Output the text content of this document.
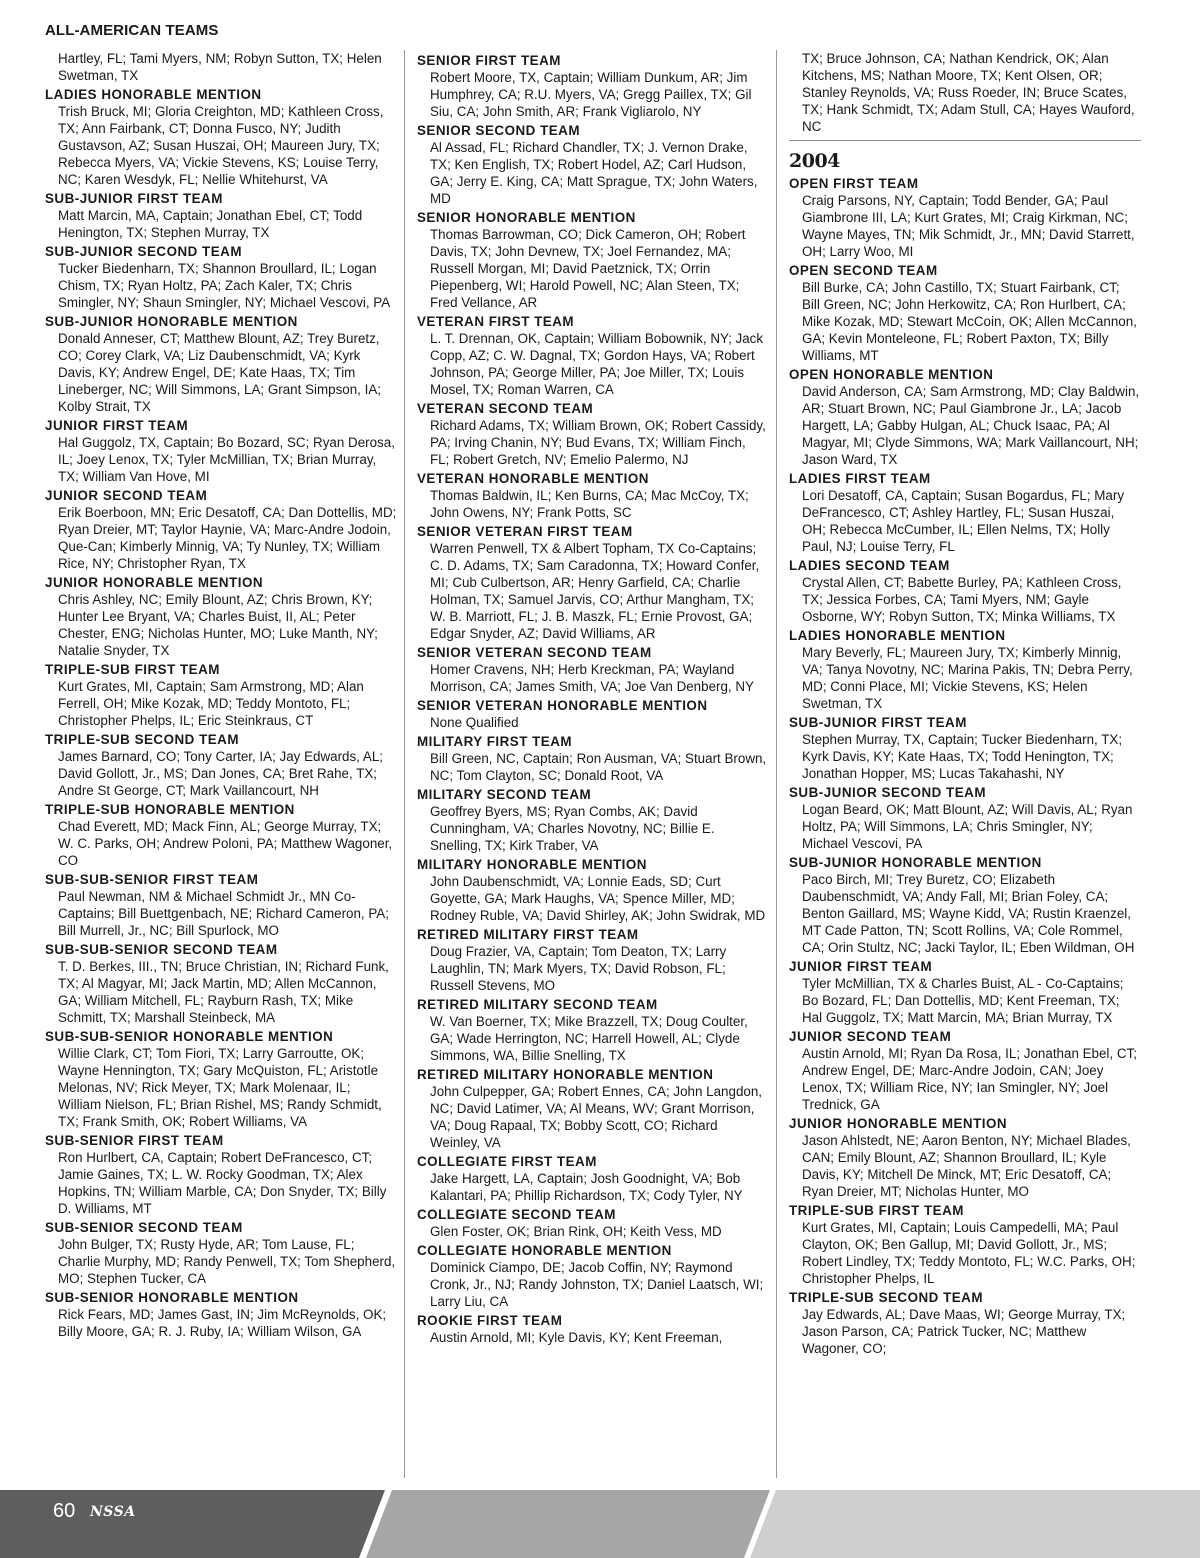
ALL-AMERICAN TEAMS
Hartley, FL; Tami Myers, NM; Robyn Sutton, TX; Helen Swetman, TX
LADIES HONORABLE MENTION
Trish Bruck, MI; Gloria Creighton, MD; Kathleen Cross, TX; Ann Fairbank, CT; Donna Fusco, NY; Judith Gustavson, AZ; Susan Huszai, OH; Maureen Jury, TX; Rebecca Myers, VA; Vickie Stevens, KS; Louise Terry, NC; Karen Wesdyk, FL; Nellie Whitehurst, VA
SUB-JUNIOR FIRST TEAM
Matt Marcin, MA, Captain; Jonathan Ebel, CT; Todd Henington, TX; Stephen Murray, TX
SUB-JUNIOR SECOND TEAM
Tucker Biedenharn, TX; Shannon Broullard, IL; Logan Chism, TX; Ryan Holtz, PA; Zach Kaler, TX; Chris Smingler, NY; Shaun Smingler, NY; Michael Vescovi, PA
SUB-JUNIOR HONORABLE MENTION
Donald Anneser, CT; Matthew Blount, AZ; Trey Buretz, CO; Corey Clark, VA; Liz Daubenschmidt, VA; Kyrk Davis, KY; Andrew Engel, DE; Kate Haas, TX; Tim Lineberger, NC; Will Simmons, LA; Grant Simpson, IA; Kolby Strait, TX
JUNIOR FIRST TEAM
Hal Guggolz, TX, Captain; Bo Bozard, SC; Ryan Derosa, IL; Joey Lenox, TX; Tyler McMillian, TX; Brian Murray, TX; William Van Hove, MI
JUNIOR SECOND TEAM
Erik Boerboon, MN; Eric Desatoff, CA; Dan Dottellis, MD; Ryan Dreier, MT; Taylor Haynie, VA; Marc-Andre Jodoin, Que-Can; Kimberly Minnig, VA; Ty Nunley, TX; William Rice, NY; Christopher Ryan, TX
JUNIOR HONORABLE MENTION
Chris Ashley, NC; Emily Blount, AZ; Chris Brown, KY; Hunter Lee Bryant, VA; Charles Buist, II, AL; Peter Chester, ENG; Nicholas Hunter, MO; Luke Manth, NY; Natalie Snyder, TX
TRIPLE-SUB FIRST TEAM
Kurt Grates, MI, Captain; Sam Armstrong, MD; Alan Ferrell, OH; Mike Kozak, MD; Teddy Montoto, FL; Christopher Phelps, IL; Eric Steinkraus, CT
TRIPLE-SUB SECOND TEAM
James Barnard, CO; Tony Carter, IA; Jay Edwards, AL; David Gollott, Jr., MS; Dan Jones, CA; Bret Rahe, TX; Andre St George, CT; Mark Vaillancourt, NH
TRIPLE-SUB HONORABLE MENTION
Chad Everett, MD; Mack Finn, AL; George Murray, TX; W. C. Parks, OH; Andrew Poloni, PA; Matthew Wagoner, CO
SUB-SUB-SENIOR FIRST TEAM
Paul Newman, NM & Michael Schmidt Jr., MN Co-Captains; Bill Buettgenbach, NE; Richard Cameron, PA; Bill Murrell, Jr., NC; Bill Spurlock, MO
SUB-SUB-SENIOR SECOND TEAM
T. D. Berkes, III., TN; Bruce Christian, IN; Richard Funk, TX; Al Magyar, MI; Jack Martin, MD; Allen McCannon, GA; William Mitchell, FL; Rayburn Rash, TX; Mike Schmitt, TX; Marshall Steinbeck, MA
SUB-SUB-SENIOR HONORABLE MENTION
Willie Clark, CT; Tom Fiori, TX; Larry Garroutte, OK; Wayne Hennington, TX; Gary McQuiston, FL; Aristotle Melonas, NV; Rick Meyer, TX; Mark Molenaar, IL; William Nielson, FL; Brian Rishel, MS; Randy Schmidt, TX; Frank Smith, OK; Robert Williams, VA
SUB-SENIOR FIRST TEAM
Ron Hurlbert, CA, Captain; Robert DeFrancesco, CT; Jamie Gaines, TX; L. W. Rocky Goodman, TX; Alex Hopkins, TN; William Marble, CA; Don Snyder, TX; Billy D. Williams, MT
SUB-SENIOR SECOND TEAM
John Bulger, TX; Rusty Hyde, AR; Tom Lause, FL; Charlie Murphy, MD; Randy Penwell, TX; Tom Shepherd, MO; Stephen Tucker, CA
SUB-SENIOR HONORABLE MENTION
Rick Fears, MD; James Gast, IN; Jim McReynolds, OK; Billy Moore, GA; R. J. Ruby, IA; William Wilson, GA
SENIOR FIRST TEAM
Robert Moore, TX, Captain; William Dunkum, AR; Jim Humphrey, CA; R.U. Myers, VA; Gregg Paillex, TX; Gil Siu, CA; John Smith, AR; Frank Vigliarolo, NY
SENIOR SECOND TEAM
Al Assad, FL; Richard Chandler, TX; J. Vernon Drake, TX; Ken English, TX; Robert Hodel, AZ; Carl Hudson, GA; Jerry E. King, CA; Matt Sprague, TX; John Waters, MD
SENIOR HONORABLE MENTION
Thomas Barrowman, CO; Dick Cameron, OH; Robert Davis, TX; John Devnew, TX; Joel Fernandez, MA; Russell Morgan, MI; David Paetznick, TX; Orrin Piepenberg, WI; Harold Powell, NC; Alan Steen, TX; Fred Vellance, AR
VETERAN FIRST TEAM
L. T. Drennan, OK, Captain; William Bobownik, NY; Jack Copp, AZ; C. W. Dagnal, TX; Gordon Hays, VA; Robert Johnson, PA; George Miller, PA; Joe Miller, TX; Louis Mosel, TX; Roman Warren, CA
VETERAN SECOND TEAM
Richard Adams, TX; William Brown, OK; Robert Cassidy, PA; Irving Chanin, NY; Bud Evans, TX; William Finch, FL; Robert Gretch, NV; Emelio Palermo, NJ
VETERAN HONORABLE MENTION
Thomas Baldwin, IL; Ken Burns, CA; Mac McCoy, TX; John Owens, NY; Frank Potts, SC
SENIOR VETERAN FIRST TEAM
Warren Penwell, TX & Albert Topham, TX Co-Captains; C. D. Adams, TX; Sam Caradonna, TX; Howard Confer, MI; Cub Culbertson, AR; Henry Garfield, CA; Charlie Holman, TX; Samuel Jarvis, CO; Arthur Mangham, TX; W. B. Marriott, FL; J. B. Maszk, FL; Ernie Provost, GA; Edgar Snyder, AZ; David Williams, AR
SENIOR VETERAN SECOND TEAM
Homer Cravens, NH; Herb Kreckman, PA; Wayland Morrison, CA; James Smith, VA; Joe Van Denberg, NY
SENIOR VETERAN HONORABLE MENTION
None Qualified
MILITARY FIRST TEAM
Bill Green, NC, Captain; Ron Ausman, VA; Stuart Brown, NC; Tom Clayton, SC; Donald Root, VA
MILITARY SECOND TEAM
Geoffrey Byers, MS; Ryan Combs, AK; David Cunningham, VA; Charles Novotny, NC; Billie E. Snelling, TX; Kirk Traber, VA
MILITARY HONORABLE MENTION
John Daubenschmidt, VA; Lonnie Eads, SD; Curt Goyette, GA; Mark Haughs, VA; Spence Miller, MD; Rodney Ruble, VA; David Shirley, AK; John Swidrak, MD
RETIRED MILITARY FIRST TEAM
Doug Frazier, VA, Captain; Tom Deaton, TX; Larry Laughlin, TN; Mark Myers, TX; David Robson, FL; Russell Stevens, MO
RETIRED MILITARY SECOND TEAM
W. Van Boerner, TX; Mike Brazzell, TX; Doug Coulter, GA; Wade Herrington, NC; Harrell Howell, AL; Clyde Simmons, WA, Billie Snelling, TX
RETIRED MILITARY HONORABLE MENTION
John Culpepper, GA; Robert Ennes, CA; John Langdon, NC; David Latimer, VA; Al Means, WV; Grant Morrison, VA; Doug Rapaal, TX; Bobby Scott, CO; Richard Weinley, VA
COLLEGIATE FIRST TEAM
Jake Hargett, LA, Captain; Josh Goodnight, VA; Bob Kalantari, PA; Phillip Richardson, TX; Cody Tyler, NY
COLLEGIATE SECOND TEAM
Glen Foster, OK; Brian Rink, OH; Keith Vess, MD
COLLEGIATE HONORABLE MENTION
Dominick Ciampo, DE; Jacob Coffin, NY; Raymond Cronk, Jr., NJ; Randy Johnston, TX; Daniel Laatsch, WI; Larry Liu, CA
ROOKIE FIRST TEAM
Austin Arnold, MI; Kyle Davis, KY; Kent Freeman,
TX; Bruce Johnson, CA; Nathan Kendrick, OK; Alan Kitchens, MS; Nathan Moore, TX; Kent Olsen, OR; Stanley Reynolds, VA; Russ Roeder, IN; Bruce Scates, TX; Hank Schmidt, TX; Adam Stull, CA; Hayes Wauford, NC
2004
OPEN FIRST TEAM
Craig Parsons, NY, Captain; Todd Bender, GA; Paul Giambrone III, LA; Kurt Grates, MI; Craig Kirkman, NC; Wayne Mayes, TN; Mik Schmidt, Jr., MN; David Starrett, OH; Larry Woo, MI
OPEN SECOND TEAM
Bill Burke, CA; John Castillo, TX; Stuart Fairbank, CT; Bill Green, NC; John Herkowitz, CA; Ron Hurlbert, CA; Mike Kozak, MD; Stewart McCoin, OK; Allen McCannon, GA; Kevin Monteleone, FL; Robert Paxton, TX; Billy Williams, MT
OPEN HONORABLE MENTION
David Anderson, CA; Sam Armstrong, MD; Clay Baldwin, AR; Stuart Brown, NC; Paul Giambrone Jr., LA; Jacob Hargett, LA; Gabby Hulgan, AL; Chuck Isaac, PA; Al Magyar, MI; Clyde Simmons, WA; Mark Vaillancourt, NH; Jason Ward, TX
LADIES FIRST TEAM
Lori Desatoff, CA, Captain; Susan Bogardus, FL; Mary DeFrancesco, CT; Ashley Hartley, FL; Susan Huszai, OH; Rebecca McCumber, IL; Ellen Nelms, TX; Holly Paul, NJ; Louise Terry, FL
LADIES SECOND TEAM
Crystal Allen, CT; Babette Burley, PA; Kathleen Cross, TX; Jessica Forbes, CA; Tami Myers, NM; Gayle Osborne, WY; Robyn Sutton, TX; Minka Williams, TX
LADIES HONORABLE MENTION
Mary Beverly, FL; Maureen Jury, TX; Kimberly Minnig, VA; Tanya Novotny, NC; Marina Pakis, TN; Debra Perry, MD; Conni Place, MI; Vickie Stevens, KS; Helen Swetman, TX
SUB-JUNIOR FIRST TEAM
Stephen Murray, TX, Captain; Tucker Biedenharn, TX; Kyrk Davis, KY; Kate Haas, TX; Todd Henington, TX; Jonathan Hopper, MS; Lucas Takahashi, NY
SUB-JUNIOR SECOND TEAM
Logan Beard, OK; Matt Blount, AZ; Will Davis, AL; Ryan Holtz, PA; Will Simmons, LA; Chris Smingler, NY; Michael Vescovi, PA
SUB-JUNIOR HONORABLE MENTION
Paco Birch, MI; Trey Buretz, CO; Elizabeth Daubenschmidt, VA; Andy Fall, MI; Brian Foley, CA; Benton Gaillard, MS; Wayne Kidd, VA; Rustin Kraenzel, MT Cade Patton, TN; Scott Rollins, VA; Cole Rommel, CA; Orin Stultz, NC; Jacki Taylor, IL; Eben Wildman, OH
JUNIOR FIRST TEAM
Tyler McMillian, TX & Charles Buist, AL - Co-Captains; Bo Bozard, FL; Dan Dottellis, MD; Kent Freeman, TX; Hal Guggolz, TX; Matt Marcin, MA; Brian Murray, TX
JUNIOR SECOND TEAM
Austin Arnold, MI; Ryan Da Rosa, IL; Jonathan Ebel, CT; Andrew Engel, DE; Marc-Andre Jodoin, CAN; Joey Lenox, TX; William Rice, NY; Ian Smingler, NY; Joel Trednick, GA
JUNIOR HONORABLE MENTION
Jason Ahlstedt, NE; Aaron Benton, NY; Michael Blades, CAN; Emily Blount, AZ; Shannon Broullard, IL; Kyle Davis, KY; Mitchell De Minck, MT; Eric Desatoff, CA; Ryan Dreier, MT; Nicholas Hunter, MO
TRIPLE-SUB FIRST TEAM
Kurt Grates, MI, Captain; Louis Campedelli, MA; Paul Clayton, OK; Ben Gallup, MI; David Gollott, Jr., MS; Robert Lindley, TX; Teddy Montoto, FL; W.C. Parks, OH; Christopher Phelps, IL
TRIPLE-SUB SECOND TEAM
Jay Edwards, AL; Dave Maas, WI; George Murray, TX; Jason Parson, CA; Patrick Tucker, NC; Matthew Wagoner, CO;
60 NSSA
